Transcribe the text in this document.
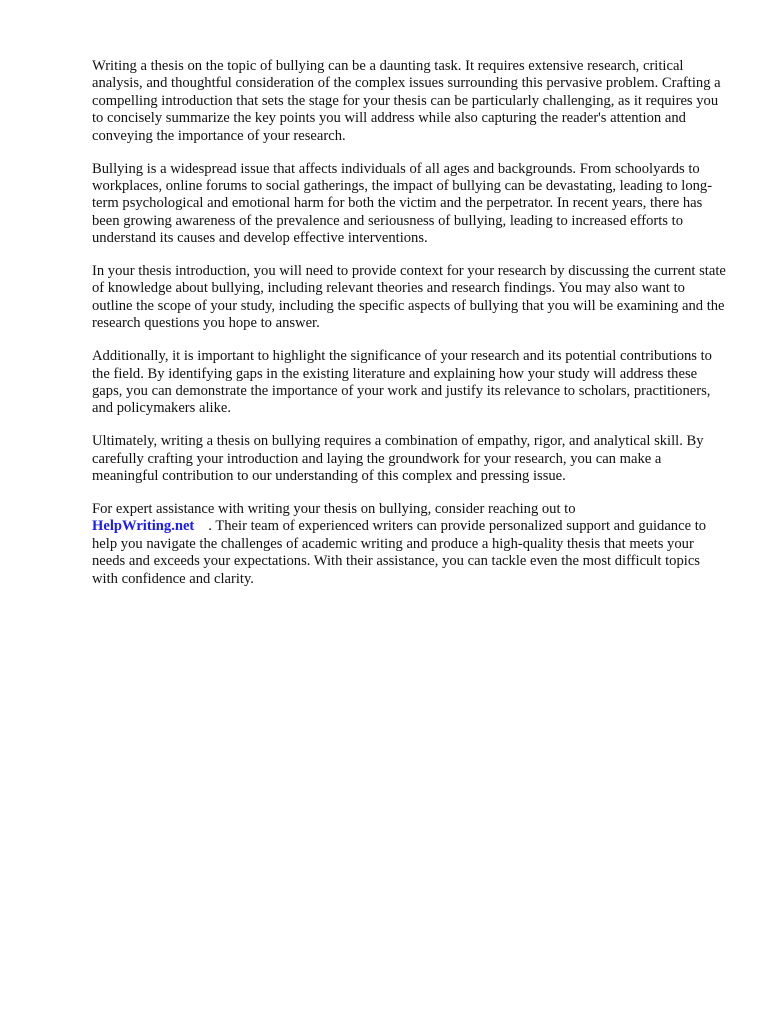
Writing a thesis on the topic of bullying can be a daunting task. It requires extensive research, critical analysis, and thoughtful consideration of the complex issues surrounding this pervasive problem. Crafting a compelling introduction that sets the stage for your thesis can be particularly challenging, as it requires you to concisely summarize the key points you will address while also capturing the reader's attention and conveying the importance of your research.

Bullying is a widespread issue that affects individuals of all ages and backgrounds. From schoolyards to workplaces, online forums to social gatherings, the impact of bullying can be devastating, leading to long-term psychological and emotional harm for both the victim and the perpetrator. In recent years, there has been growing awareness of the prevalence and seriousness of bullying, leading to increased efforts to understand its causes and develop effective interventions.

In your thesis introduction, you will need to provide context for your research by discussing the current state of knowledge about bullying, including relevant theories and research findings. You may also want to outline the scope of your study, including the specific aspects of bullying that you will be examining and the research questions you hope to answer.

Additionally, it is important to highlight the significance of your research and its potential contributions to the field. By identifying gaps in the existing literature and explaining how your study will address these gaps, you can demonstrate the importance of your work and justify its relevance to scholars, practitioners, and policymakers alike.

Ultimately, writing a thesis on bullying requires a combination of empathy, rigor, and analytical skill. By carefully crafting your introduction and laying the groundwork for your research, you can make a meaningful contribution to our understanding of this complex and pressing issue.

For expert assistance with writing your thesis on bullying, consider reaching out to
HelpWriting.net . Their team of experienced writers can provide personalized support and guidance to help you navigate the challenges of academic writing and produce a high-quality thesis that meets your needs and exceeds your expectations. With their assistance, you can tackle even the most difficult topics with confidence and clarity.
